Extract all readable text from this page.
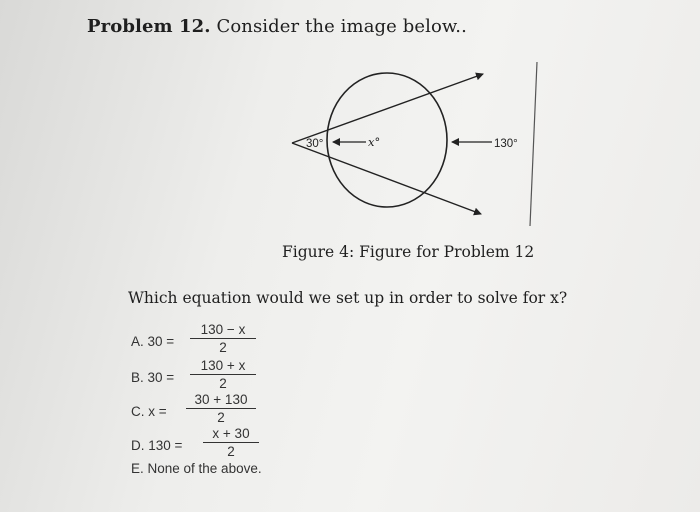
Problem 12. Consider the image below..
30°	x°	130°
Figure 4: Figure for Problem 12
Which equation would we set up in order to solve for x?
A. 30 =
130 − x
2
B. 30 =
130 + x
2
C. x =
30 + 130
2
D. 130 =
x + 30
2
E. None of the above.
